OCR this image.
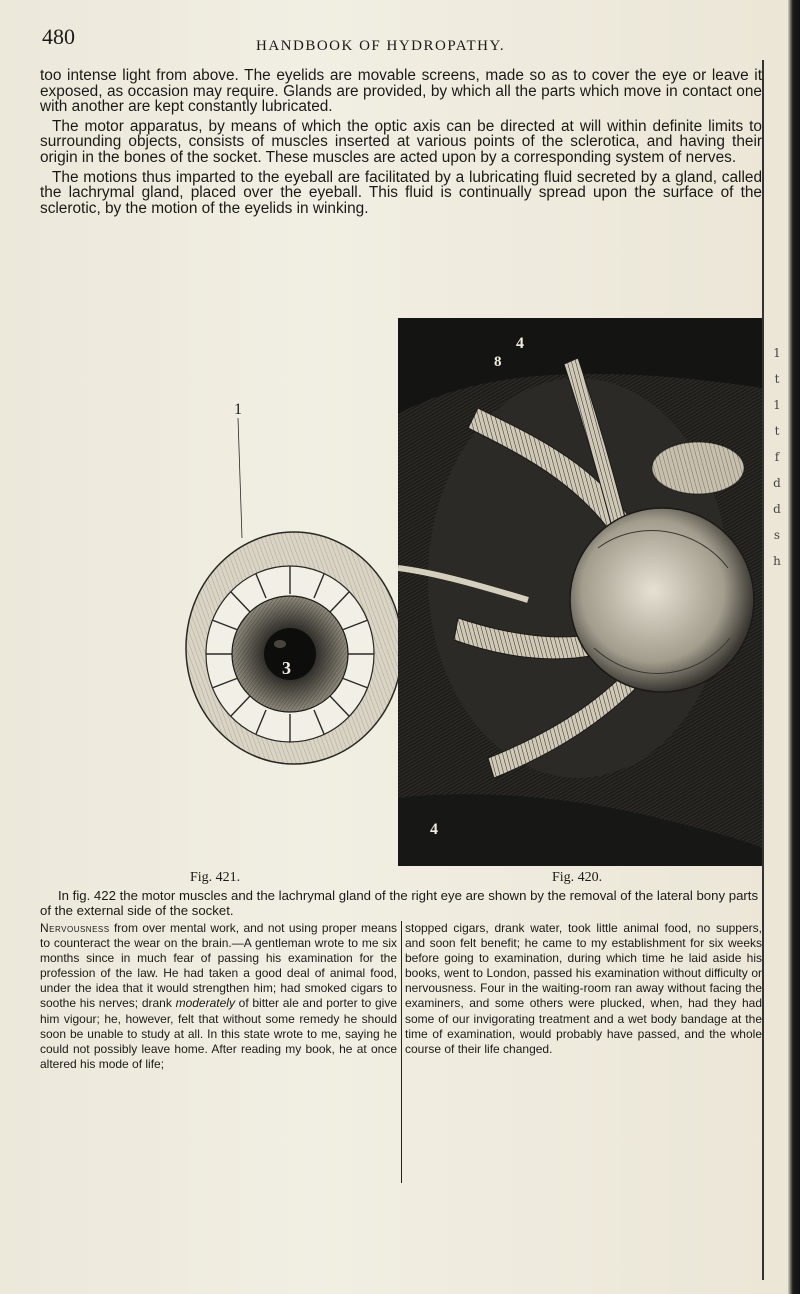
480	HANDBOOK OF HYDROPATHY.

too intense light from above. The eyelids are movable screens, made so as to cover the eye or leave it exposed, as occasion may require. Glands are provided, by which all the parts which move in contact one with another are kept constantly lubricated.

The motor apparatus, by means of which the optic axis can be directed at will within definite limits to surrounding objects, consists of muscles inserted at various points of the sclerotica, and having their origin in the bones of the socket. These muscles are acted upon by a corresponding system of nerves.

The motions thus imparted to the eyeball are facilitated by a lubricating fluid secreted by a gland, called the lachrymal gland, placed over the eyeball. This fluid is continually spread upon the surface of the sclerotic, by the motion of the eyelids in winking.

1
3
4
8
4
Fig. 421.	Fig. 420.

In fig. 422 the motor muscles and the lachrymal gland of the right eye are shown by the removal of the lateral bony parts of the external side of the socket.

Nervousness from over mental work, and not using proper means to counteract the wear on the brain.—A gentleman wrote to me six months since in much fear of passing his examination for the profession of the law. He had taken a good deal of animal food, under the idea that it would strengthen him; had smoked cigars to soothe his nerves; drank moderately of bitter ale and porter to give him vigour; he, however, felt that without some remedy he should soon be unable to study at all. In this state wrote to me, saying he could not possibly leave home. After reading my book, he at once altered his mode of life;
stopped cigars, drank water, took little animal food, no suppers, and soon felt benefit; he came to my establishment for six weeks before going to examination, during which time he laid aside his books, went to London, passed his examination without difficulty or nervousness. Four in the waiting-room ran away without facing the examiners, and some others were plucked, when, had they had some of our invigorating treatment and a wet body bandage at the time of examination, would probably have passed, and the whole course of their life changed.
1
t
1
t
f
d
d
s
h
